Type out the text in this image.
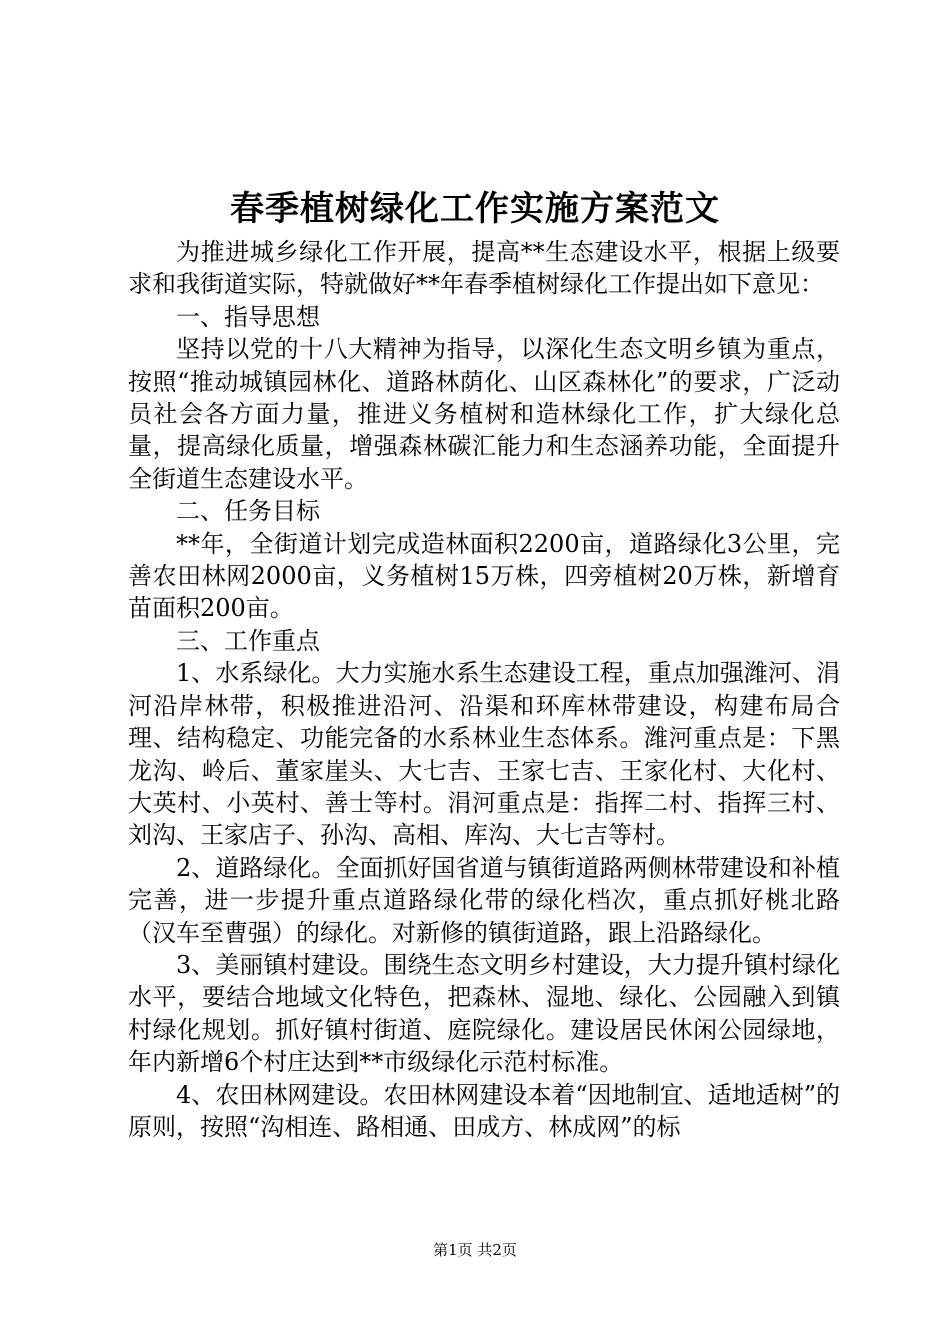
春季植树绿化工作实施方案范文

为推进城乡绿化工作开展，提高**生态建设水平，根据上级要求和我街道实际，特就做好**年春季植树绿化工作提出如下意见：

一、指导思想

坚持以党的十八大精神为指导，以深化生态文明乡镇为重点，按照“推动城镇园林化、道路林荫化、山区森林化”的要求，广泛动员社会各方面力量，推进义务植树和造林绿化工作，扩大绿化总量，提高绿化质量，增强森林碳汇能力和生态涵养功能，全面提升全街道生态建设水平。

二、任务目标

**年，全街道计划完成造林面积2200亩，道路绿化3公里，完善农田林网2000亩，义务植树15万株，四旁植树20万株，新增育苗面积200亩。

三、工作重点

1、水系绿化。大力实施水系生态建设工程，重点加强潍河、涓河沿岸林带，积极推进沿河、沿渠和环库林带建设，构建布局合理、结构稳定、功能完备的水系林业生态体系。潍河重点是：下黑龙沟、岭后、董家崖头、大七吉、王家七吉、王家化村、大化村、大英村、小英村、善士等村。涓河重点是：指挥二村、指挥三村、刘沟、王家店子、孙沟、高相、库沟、大七吉等村。

2、道路绿化。全面抓好国省道与镇街道路两侧林带建设和补植完善，进一步提升重点道路绿化带的绿化档次，重点抓好桃北路（汉车至曹强）的绿化。对新修的镇街道路，跟上沿路绿化。

3、美丽镇村建设。围绕生态文明乡村建设，大力提升镇村绿化水平，要结合地域文化特色，把森林、湿地、绿化、公园融入到镇村绿化规划。抓好镇村街道、庭院绿化。建设居民休闲公园绿地，年内新增6个村庄达到**市级绿化示范村标准。

4、农田林网建设。农田林网建设本着“因地制宜、适地适树”的原则，按照“沟相连、路相通、田成方、林成网”的标

第1页 共2页
